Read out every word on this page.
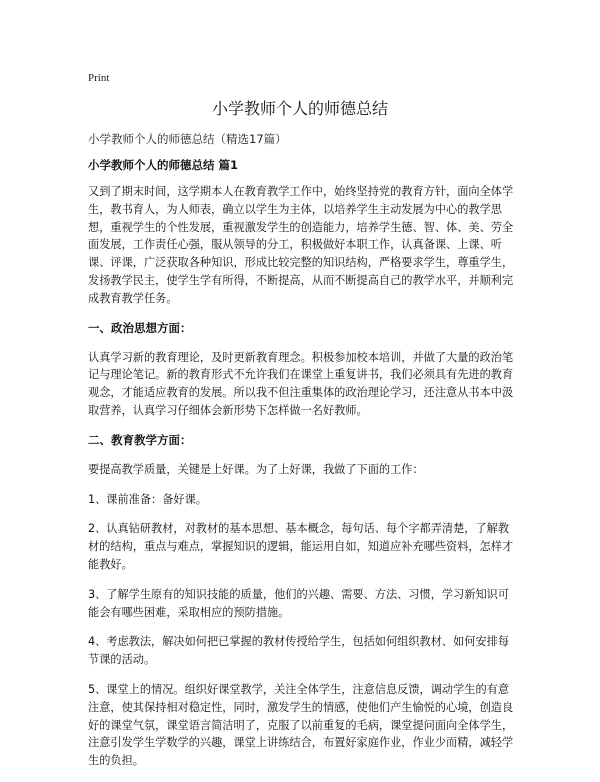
Print
小学教师个人的师德总结
小学教师个人的师德总结（精选17篇）
小学教师个人的师德总结 篇1

又到了期末时间，这学期本人在教育教学工作中，始终坚持党的教育方针，面向全体学生，教书育人，为人师表，确立以学生为主体，以培养学生主动发展为中心的教学思想，重视学生的个性发展，重视激发学生的创造能力，培养学生德、智、体、美、劳全面发展，工作责任心强，服从领导的分工，积极做好本职工作，认真备课、上课、听课、评课，广泛获取各种知识，形成比较完整的知识结构，严格要求学生，尊重学生，发扬教学民主，使学生学有所得，不断提高，从而不断提高自己的教学水平，并顺利完成教育教学任务。

一、政治思想方面：

认真学习新的教育理论，及时更新教育理念。积极参加校本培训，并做了大量的政治笔记与理论笔记。新的教育形式不允许我们在课堂上重复讲书，我们必须具有先进的教育观念，才能适应教育的发展。所以我不但注重集体的政治理论学习，还注意从书本中汲取营养，认真学习仔细体会新形势下怎样做一名好教师。

二、教育教学方面：

要提高教学质量，关键是上好课。为了上好课，我做了下面的工作：

1、课前准备：备好课。

2、认真钻研教材，对教材的基本思想、基本概念，每句话、每个字都弄清楚，了解教材的结构，重点与难点，掌握知识的逻辑，能运用自如，知道应补充哪些资料，怎样才能教好。

3、了解学生原有的知识技能的质量，他们的兴趣、需要、方法、习惯，学习新知识可能会有哪些困难，采取相应的预防措施。

4、考虑教法，解决如何把已掌握的教材传授给学生，包括如何组织教材、如何安排每节课的活动。

5、课堂上的情况。组织好课堂教学，关注全体学生，注意信息反馈，调动学生的有意注意，使其保持相对稳定性，同时，激发学生的情感，使他们产生愉悦的心境，创造良好的课堂气氛，课堂语言简洁明了，克服了以前重复的毛病，课堂提问面向全体学生，注意引发学生学数学的兴趣，课堂上讲练结合，布置好家庭作业，作业少而精，减轻学生的负担。
